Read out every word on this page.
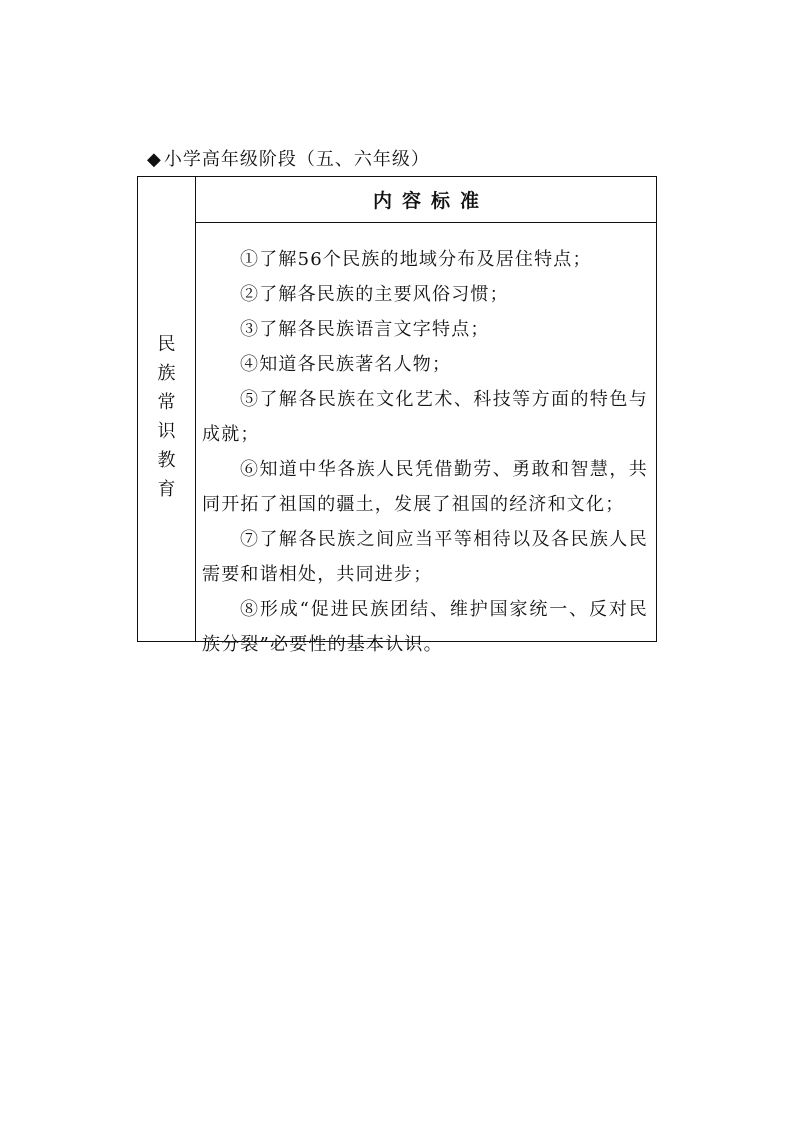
◆ 小学高年级阶段（五、六年级）
民族常识教育
内容标准
①了解56个民族的地域分布及居住特点；
②了解各民族的主要风俗习惯；
③了解各民族语言文字特点；
④知道各民族著名人物；
⑤了解各民族在文化艺术、科技等方面的特色与成就；
⑥知道中华各族人民凭借勤劳、勇敢和智慧，共同开拓了祖国的疆土，发展了祖国的经济和文化；
⑦了解各民族之间应当平等相待以及各民族人民需要和谐相处，共同进步；
⑧形成“促进民族团结、维护国家统一、反对民族分裂”必要性的基本认识。
